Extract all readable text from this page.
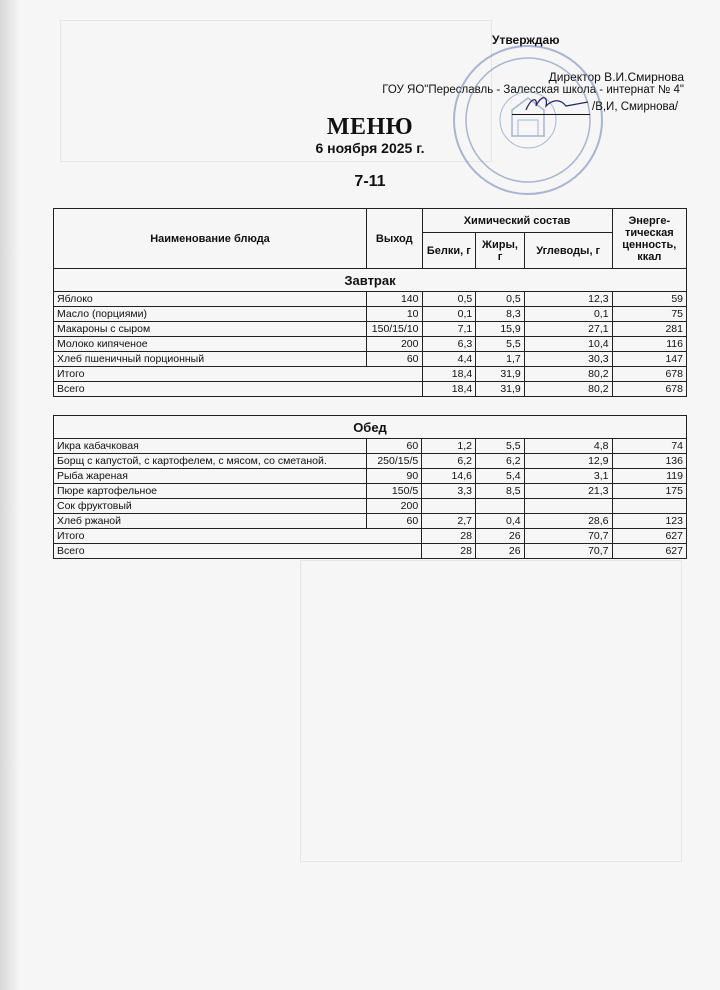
Утверждаю
Директор В.И.Смирнова
ГОУ ЯО"Переславль - Залесская школа - интернат № 4"
/В,И, Смирнова/
МЕНЮ
6 ноября 2025 г.
7-11
Наименование блюда	Выход	Химический состав			Энерге-тическая ценность, ккал
		Белки, г	Жиры, г	Углеводы, г	
Завтрак					
Яблоко	140	0,5	0,5	12,3	59
Масло (порциями)	10	0,1	8,3	0,1	75
Макароны с сыром	150/15/10	7,1	15,9	27,1	281
Молоко кипяченое	200	6,3	5,5	10,4	116
Хлеб пшеничный порционный	60	4,4	1,7	30,3	147
Итого		18,4	31,9	80,2	678
Всего		18,4	31,9	80,2	678
Обед					
Икра кабачковая	60	1,2	5,5	4,8	74
Борщ с капустой, с картофелем, с мясом, со сметаной.	250/15/5	6,2	6,2	12,9	136
Рыба жареная	90	14,6	5,4	3,1	119
Пюре картофельное	150/5	3,3	8,5	21,3	175
Сок фруктовый	200				
Хлеб ржаной	60	2,7	0,4	28,6	123
Итого		28	26	70,7	627
Всего		28	26	70,7	627
